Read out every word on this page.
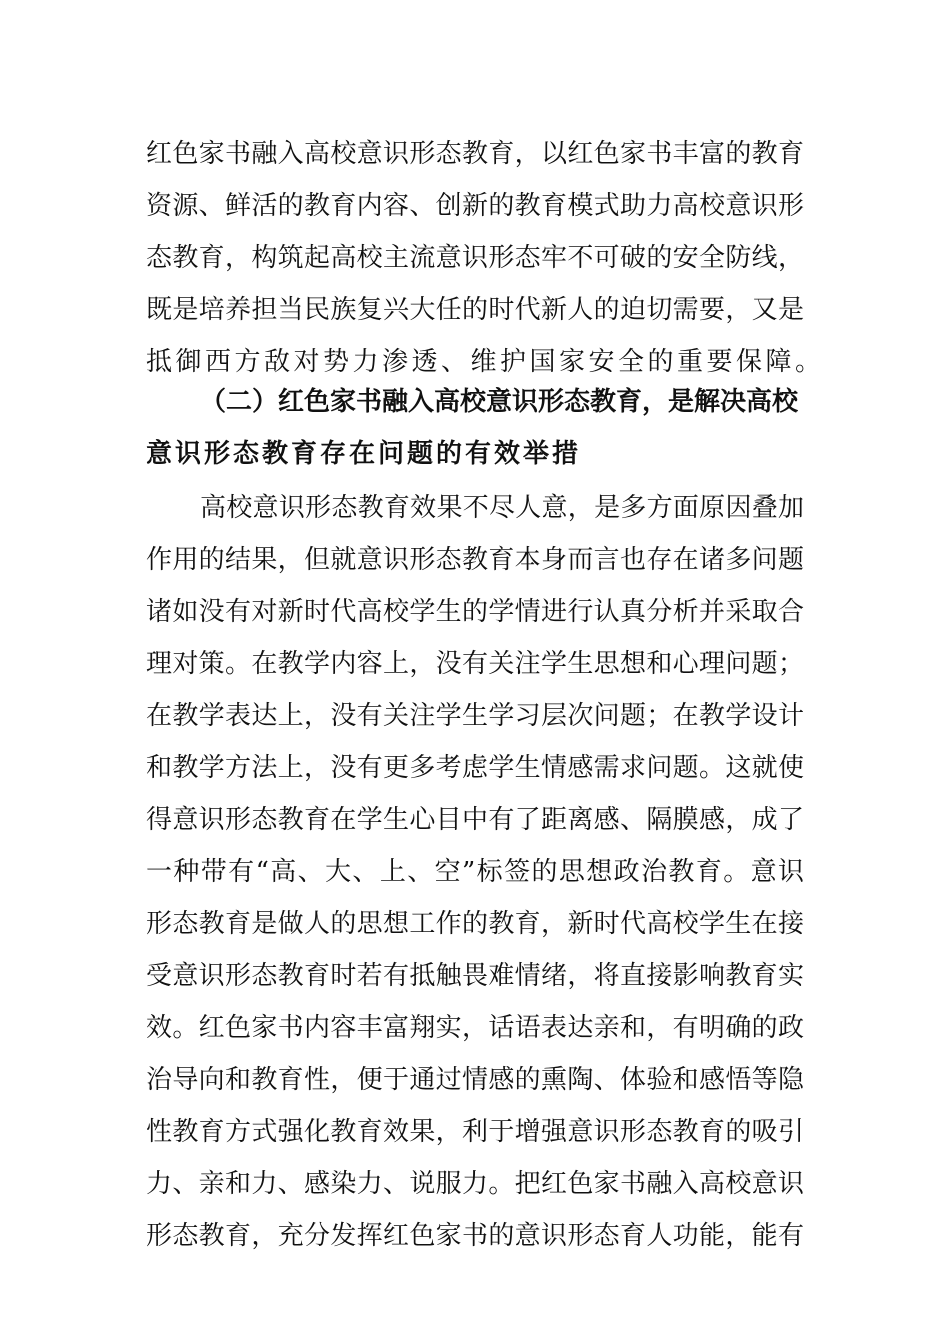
红色家书融入高校意识形态教育，以红色家书丰富的教育
资源、鲜活的教育内容、创新的教育模式助力高校意识形
态教育，构筑起高校主流意识形态牢不可破的安全防线，
既是培养担当民族复兴大任的时代新人的迫切需要，又是
抵御西方敌对势力渗透、维护国家安全的重要保障。
（二）红色家书融入高校意识形态教育，是解决高校
意识形态教育存在问题的有效举措
高校意识形态教育效果不尽人意，是多方面原因叠加
作用的结果，但就意识形态教育本身而言也存在诸多问题
诸如没有对新时代高校学生的学情进行认真分析并采取合
理对策。在教学内容上，没有关注学生思想和心理问题；
在教学表达上，没有关注学生学习层次问题；在教学设计
和教学方法上，没有更多考虑学生情感需求问题。这就使
得意识形态教育在学生心目中有了距离感、隔膜感，成了
一种带有“高、大、上、空”标签的思想政治教育。意识
形态教育是做人的思想工作的教育，新时代高校学生在接
受意识形态教育时若有抵触畏难情绪，将直接影响教育实
效。红色家书内容丰富翔实，话语表达亲和，有明确的政
治导向和教育性，便于通过情感的熏陶、体验和感悟等隐
性教育方式强化教育效果，利于增强意识形态教育的吸引
力、亲和力、感染力、说服力。把红色家书融入高校意识
形态教育，充分发挥红色家书的意识形态育人功能，能有
